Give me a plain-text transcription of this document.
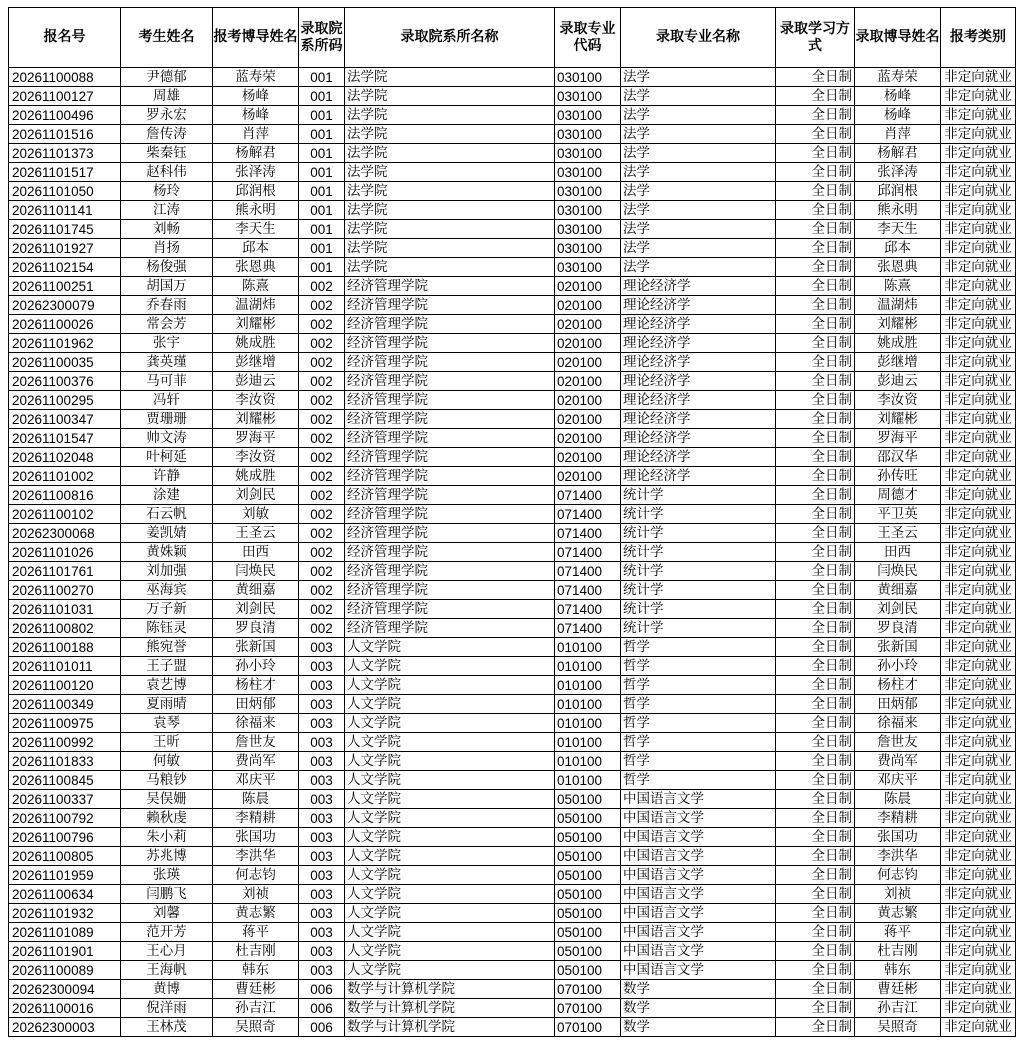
报名号	考生姓名	报考博导姓名	录取院系所码	录取院系所名称	录取专业代码	录取专业名称	录取学习方式	录取博导姓名	报考类别
20261100088	尹德郁	蓝寿荣	001	法学院	030100	法学	全日制	蓝寿荣	非定向就业
20261100127	周雄	杨峰	001	法学院	030100	法学	全日制	杨峰	非定向就业
20261100496	罗永宏	杨峰	001	法学院	030100	法学	全日制	杨峰	非定向就业
20261101516	詹传涛	肖萍	001	法学院	030100	法学	全日制	肖萍	非定向就业
20261101373	柴秦钰	杨解君	001	法学院	030100	法学	全日制	杨解君	非定向就业
20261101517	赵科伟	张泽涛	001	法学院	030100	法学	全日制	张泽涛	非定向就业
20261101050	杨玲	邱润根	001	法学院	030100	法学	全日制	邱润根	非定向就业
20261101141	江涛	熊永明	001	法学院	030100	法学	全日制	熊永明	非定向就业
20261101745	刘畅	李天生	001	法学院	030100	法学	全日制	李天生	非定向就业
20261101927	肖扬	邱本	001	法学院	030100	法学	全日制	邱本	非定向就业
20261102154	杨俊强	张恩典	001	法学院	030100	法学	全日制	张恩典	非定向就业
20261100251	胡国万	陈熹	002	经济管理学院	020100	理论经济学	全日制	陈熹	非定向就业
20262300079	乔春雨	温湖炜	002	经济管理学院	020100	理论经济学	全日制	温湖炜	非定向就业
20261100026	常会芳	刘耀彬	002	经济管理学院	020100	理论经济学	全日制	刘耀彬	非定向就业
20261101962	张宇	姚成胜	002	经济管理学院	020100	理论经济学	全日制	姚成胜	非定向就业
20261100035	龚英瑾	彭继增	002	经济管理学院	020100	理论经济学	全日制	彭继增	非定向就业
20261100376	马可菲	彭迪云	002	经济管理学院	020100	理论经济学	全日制	彭迪云	非定向就业
20261100295	冯轩	李汝资	002	经济管理学院	020100	理论经济学	全日制	李汝资	非定向就业
20261100347	贾珊珊	刘耀彬	002	经济管理学院	020100	理论经济学	全日制	刘耀彬	非定向就业
20261101547	帅文涛	罗海平	002	经济管理学院	020100	理论经济学	全日制	罗海平	非定向就业
20261102048	叶柯延	李汝资	002	经济管理学院	020100	理论经济学	全日制	邵汉华	非定向就业
20261101002	许静	姚成胜	002	经济管理学院	020100	理论经济学	全日制	孙传旺	非定向就业
20261100816	涂建	刘剑民	002	经济管理学院	071400	统计学	全日制	周德才	非定向就业
20261100102	石云帆	刘敏	002	经济管理学院	071400	统计学	全日制	平卫英	非定向就业
20262300068	姜凯婧	王圣云	002	经济管理学院	071400	统计学	全日制	王圣云	非定向就业
20261101026	黄姝颖	田西	002	经济管理学院	071400	统计学	全日制	田西	非定向就业
20261101761	刘加强	闫焕民	002	经济管理学院	071400	统计学	全日制	闫焕民	非定向就业
20261100270	巫海宾	黄细嘉	002	经济管理学院	071400	统计学	全日制	黄细嘉	非定向就业
20261101031	万子新	刘剑民	002	经济管理学院	071400	统计学	全日制	刘剑民	非定向就业
20261100802	陈钰灵	罗良清	002	经济管理学院	071400	统计学	全日制	罗良清	非定向就业
20261100188	熊宛誉	张新国	003	人文学院	010100	哲学	全日制	张新国	非定向就业
20261101011	王子盟	孙小玲	003	人文学院	010100	哲学	全日制	孙小玲	非定向就业
20261100120	袁艺博	杨柱才	003	人文学院	010100	哲学	全日制	杨柱才	非定向就业
20261100349	夏雨晴	田炳郁	003	人文学院	010100	哲学	全日制	田炳郁	非定向就业
20261100975	袁琴	徐福来	003	人文学院	010100	哲学	全日制	徐福来	非定向就业
20261100992	王昕	詹世友	003	人文学院	010100	哲学	全日制	詹世友	非定向就业
20261101833	何敏	费尚军	003	人文学院	010100	哲学	全日制	费尚军	非定向就业
20261100845	马粮钞	邓庆平	003	人文学院	010100	哲学	全日制	邓庆平	非定向就业
20261100337	吴俣姗	陈晨	003	人文学院	050100	中国语言文学	全日制	陈晨	非定向就业
20261100792	赖秋虔	李精耕	003	人文学院	050100	中国语言文学	全日制	李精耕	非定向就业
20261100796	朱小莉	张国功	003	人文学院	050100	中国语言文学	全日制	张国功	非定向就业
20261100805	苏兆博	李洪华	003	人文学院	050100	中国语言文学	全日制	李洪华	非定向就业
20261101959	张瑛	何志钧	003	人文学院	050100	中国语言文学	全日制	何志钧	非定向就业
20261100634	闫鹏飞	刘祯	003	人文学院	050100	中国语言文学	全日制	刘祯	非定向就业
20261101932	刘馨	黄志繁	003	人文学院	050100	中国语言文学	全日制	黄志繁	非定向就业
20261101089	范开芳	蒋平	003	人文学院	050100	中国语言文学	全日制	蒋平	非定向就业
20261101901	王心月	杜吉刚	003	人文学院	050100	中国语言文学	全日制	杜吉刚	非定向就业
20261100089	王海帆	韩东	003	人文学院	050100	中国语言文学	全日制	韩东	非定向就业
20262300094	黄博	曹廷彬	006	数学与计算机学院	070100	数学	全日制	曹廷彬	非定向就业
20261100016	倪洋雨	孙吉江	006	数学与计算机学院	070100	数学	全日制	孙吉江	非定向就业
20262300003	王林茂	吴照奇	006	数学与计算机学院	070100	数学	全日制	吴照奇	非定向就业
